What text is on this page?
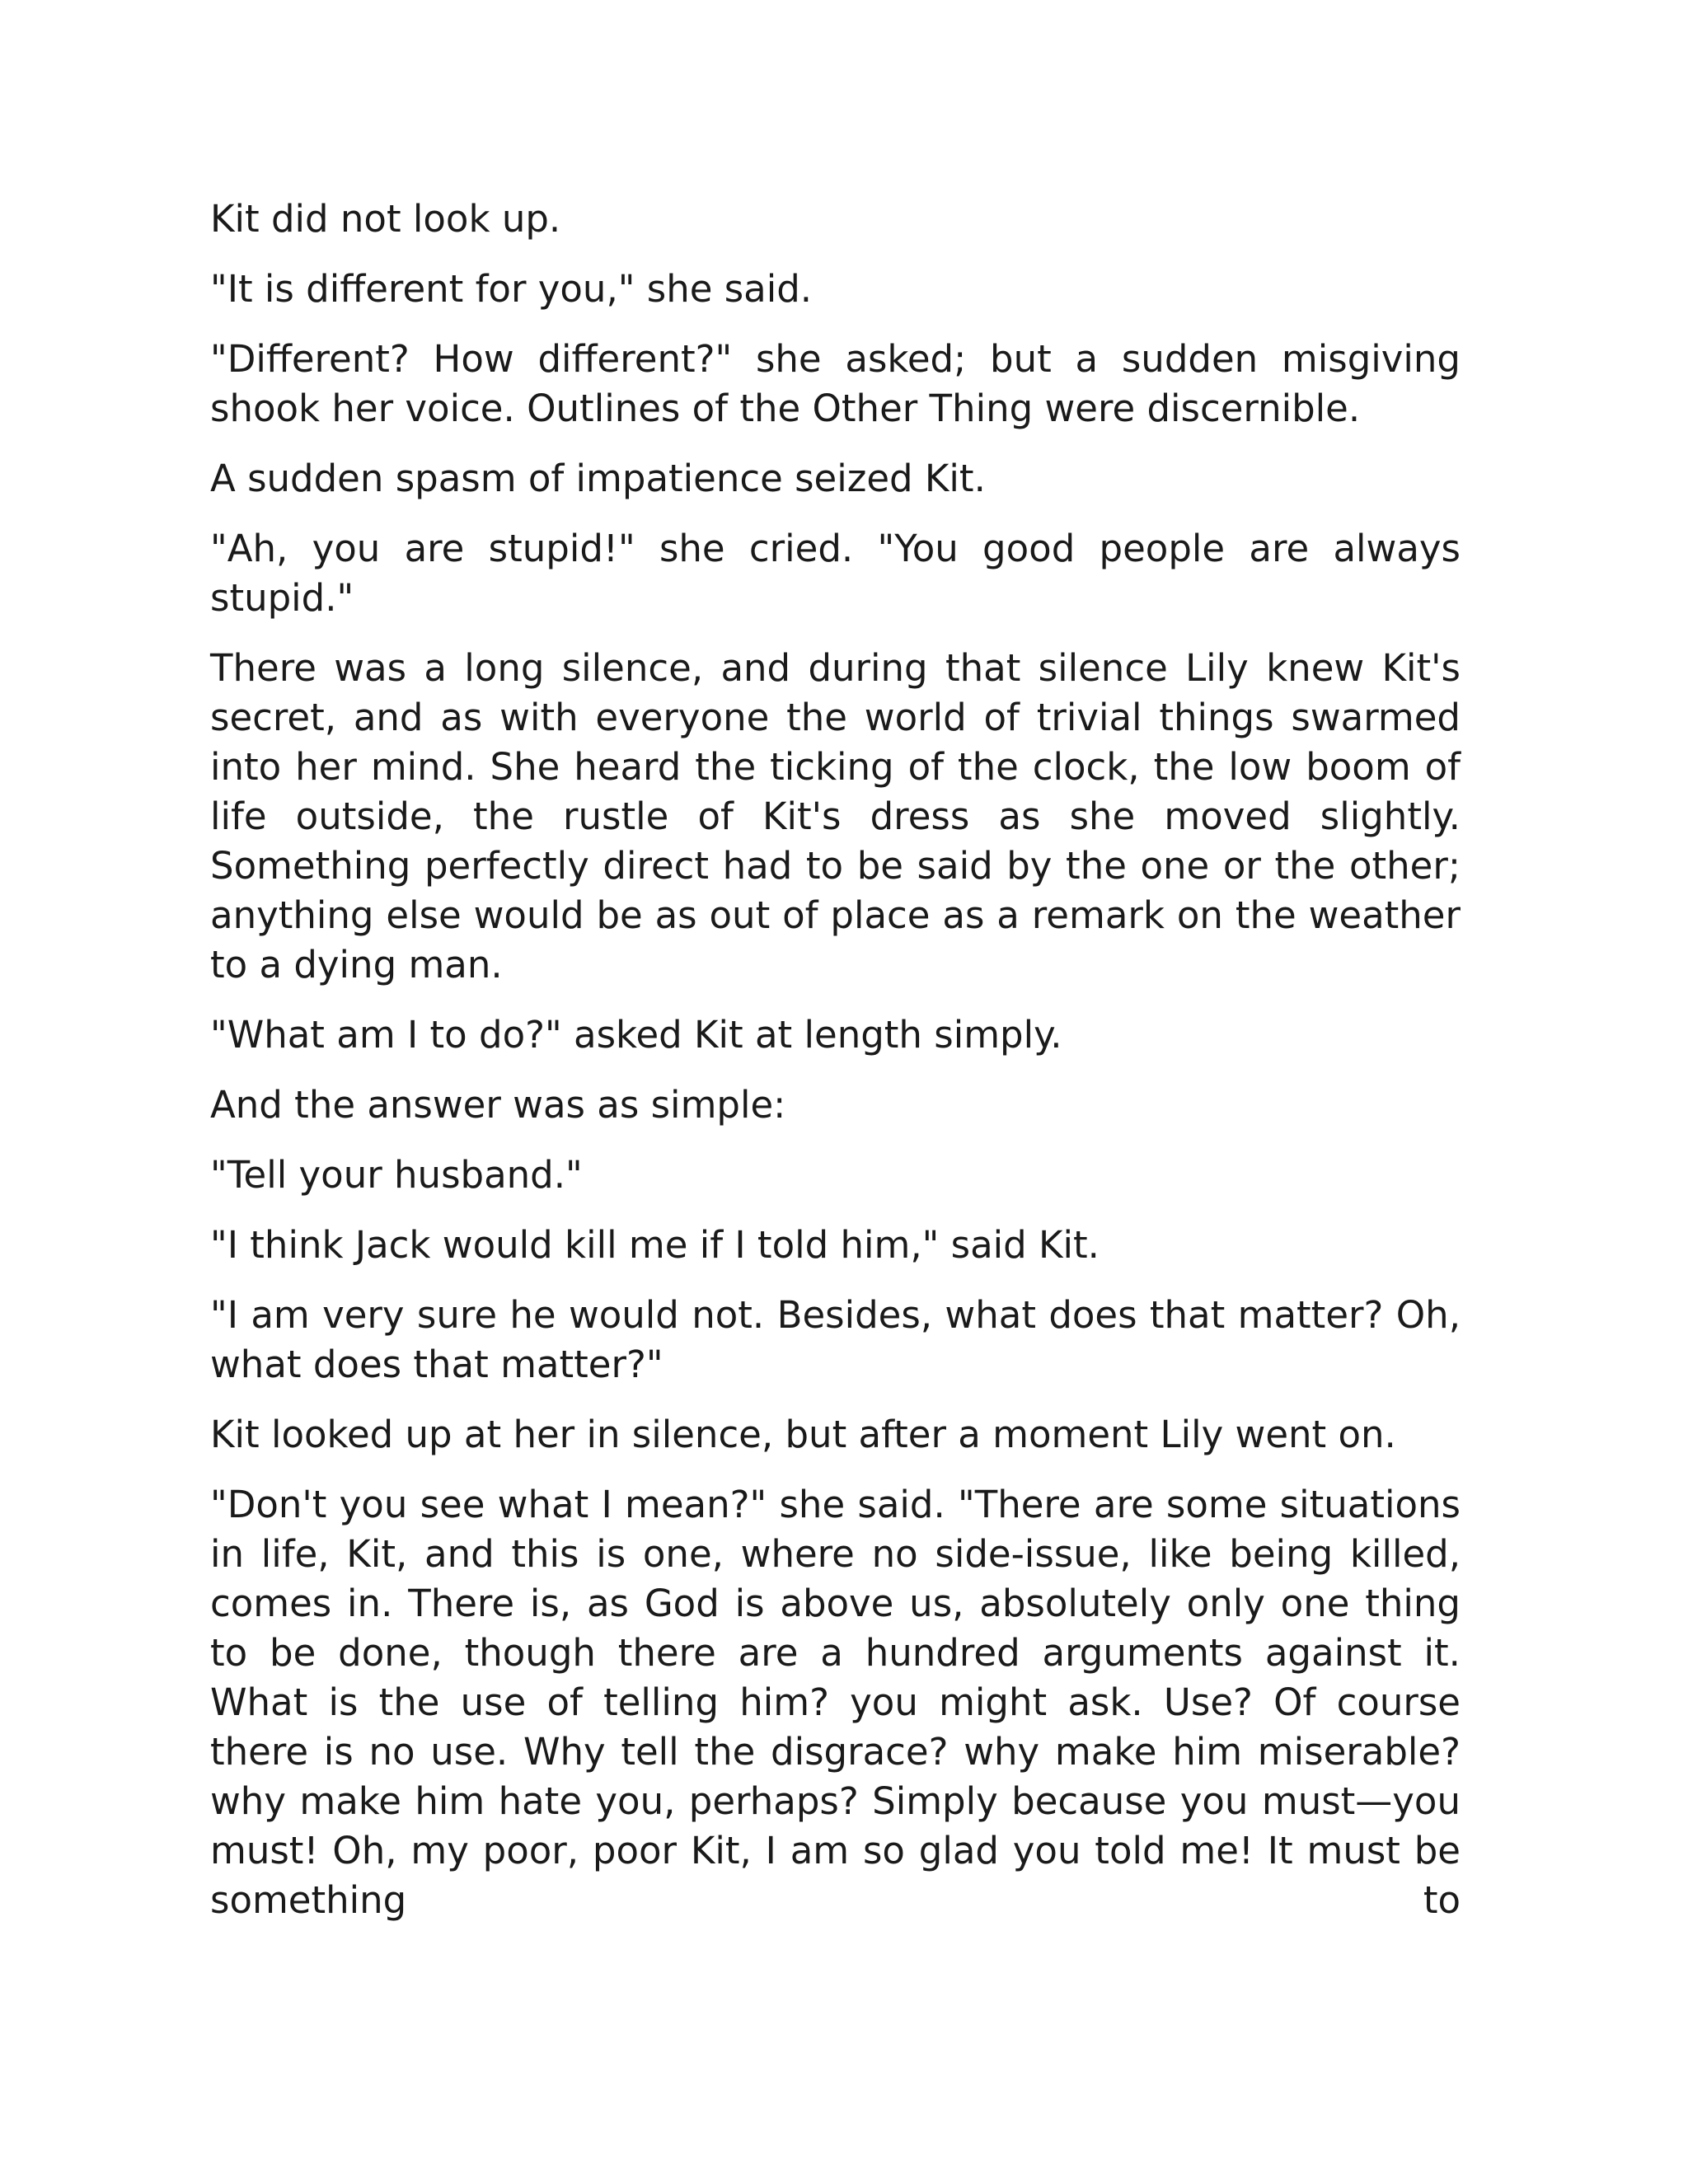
Kit did not look up.

"It is different for you," she said.

"Different? How different?" she asked; but a sudden misgiving shook her voice. Outlines of the Other Thing were discernible.

A sudden spasm of impatience seized Kit.

"Ah, you are stupid!" she cried. "You good people are always stupid."

There was a long silence, and during that silence Lily knew Kit's secret, and as with everyone the world of trivial things swarmed into her mind. She heard the ticking of the clock, the low boom of life outside, the rustle of Kit's dress as she moved slightly. Something perfectly direct had to be said by the one or the other; anything else would be as out of place as a remark on the weather to a dying man.

"What am I to do?" asked Kit at length simply.

And the answer was as simple:

"Tell your husband."

"I think Jack would kill me if I told him," said Kit.

"I am very sure he would not. Besides, what does that matter? Oh, what does that matter?"

Kit looked up at her in silence, but after a moment Lily went on.

"Don't you see what I mean?" she said. "There are some situations in life, Kit, and this is one, where no side-issue, like being killed, comes in. There is, as God is above us, absolutely only one thing to be done, though there are a hundred arguments against it. What is the use of telling him? you might ask. Use? Of course there is no use. Why tell the disgrace? why make him miserable? why make him hate you, perhaps? Simply because you must—you must! Oh, my poor, poor Kit, I am so glad you told me! It must be something to
